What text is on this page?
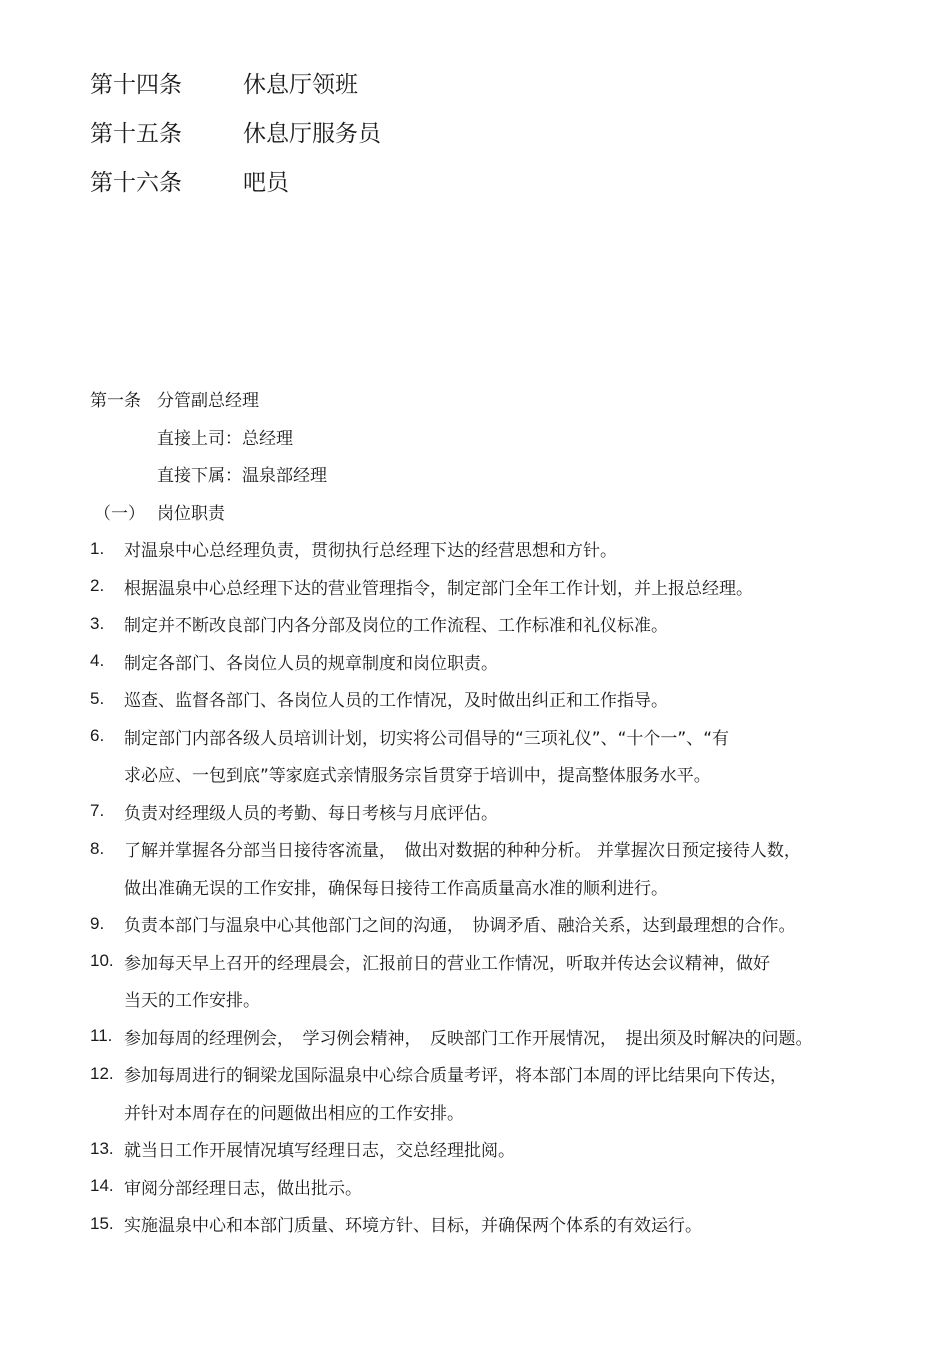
第十四条	休息厅领班
第十五条	休息厅服务员
第十六条	吧员
第一条 分管副总经理
直接上司：总经理
直接下属：温泉部经理
（一） 岗位职责
1.	对温泉中心总经理负责，贯彻执行总经理下达的经营思想和方针。
2.	根据温泉中心总经理下达的营业管理指令，制定部门全年工作计划，并上报总经理。
3.	制定并不断改良部门内各分部及岗位的工作流程、工作标准和礼仪标准。
4.	制定各部门、各岗位人员的规章制度和岗位职责。
5.	巡查、监督各部门、各岗位人员的工作情况，及时做出纠正和工作指导。
6.	制定部门内部各级人员培训计划，切实将公司倡导的“三项礼仪”、“十个一”、“有
求必应、一包到底”等家庭式亲情服务宗旨贯穿于培训中，提高整体服务水平。
7.	负责对经理级人员的考勤、每日考核与月底评估。
8.	了解并掌握各分部当日接待客流量，　做出对数据的种种分析。 并掌握次日预定接待人数，
做出准确无误的工作安排，确保每日接待工作高质量高水准的顺利进行。
9.	负责本部门与温泉中心其他部门之间的沟通，　协调矛盾、融洽关系，达到最理想的合作。
10. 参加每天早上召开的经理晨会，汇报前日的营业工作情况，听取并传达会议精神，做好
当天的工作安排。
11. 参加每周的经理例会，　学习例会精神，　反映部门工作开展情况，　提出须及时解决的问题。
12. 参加每周进行的铜梁龙国际温泉中心综合质量考评，将本部门本周的评比结果向下传达，
并针对本周存在的问题做出相应的工作安排。
13. 就当日工作开展情况填写经理日志，交总经理批阅。
14. 审阅分部经理日志，做出批示。
15. 实施温泉中心和本部门质量、环境方针、目标，并确保两个体系的有效运行。
